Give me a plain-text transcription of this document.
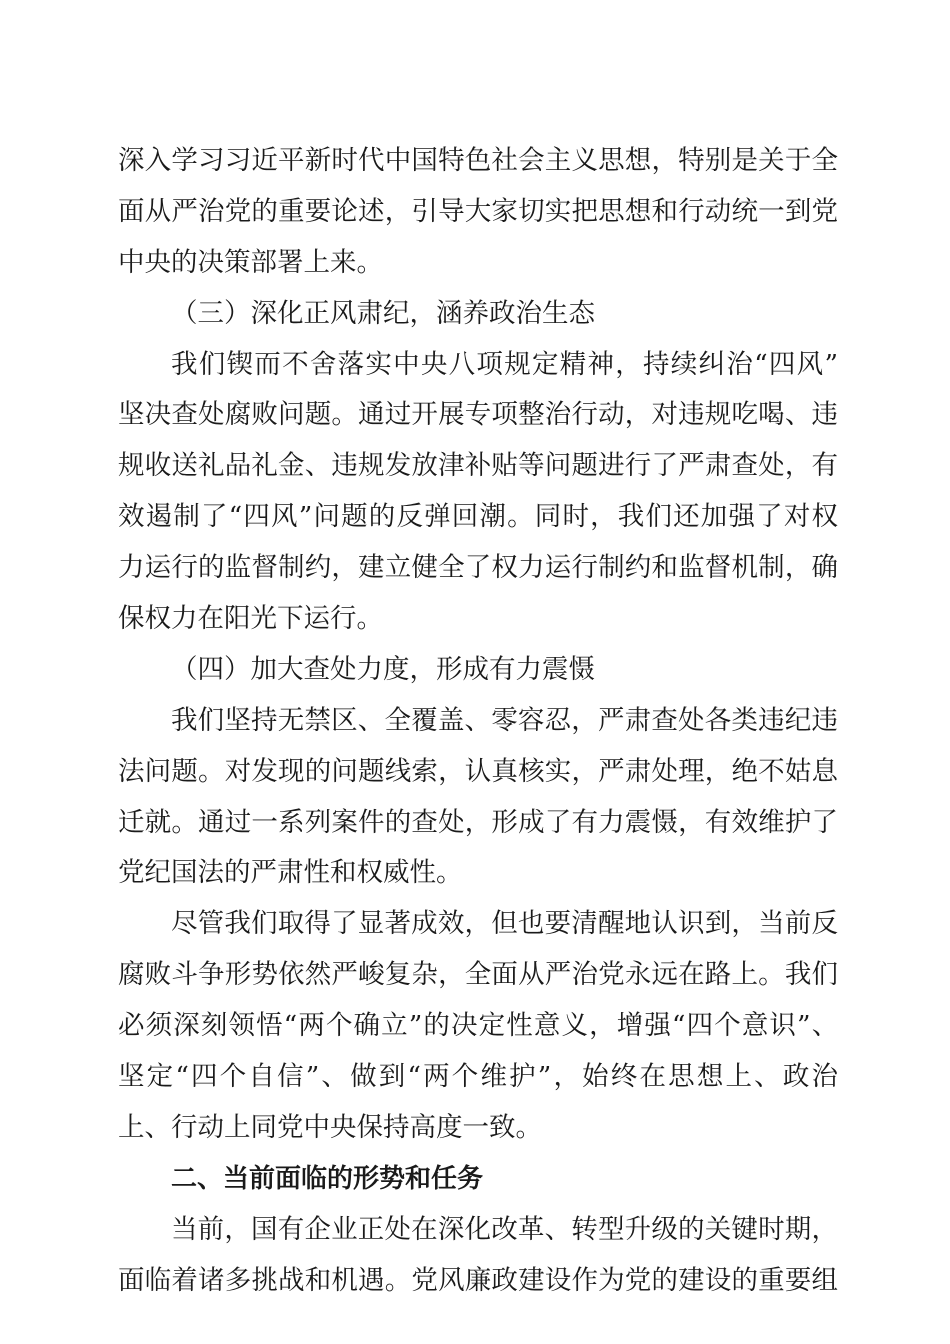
深入学习习近平新时代中国特色社会主义思想，特别是关于全
面从严治党的重要论述，引导大家切实把思想和行动统一到党
中央的决策部署上来。
（三）深化正风肃纪，涵养政治生态
我们锲而不舍落实中央八项规定精神，持续纠治“四风”
坚决查处腐败问题。通过开展专项整治行动，对违规吃喝、违
规收送礼品礼金、违规发放津补贴等问题进行了严肃查处，有
效遏制了“四风”问题的反弹回潮。同时，我们还加强了对权
力运行的监督制约，建立健全了权力运行制约和监督机制，确
保权力在阳光下运行。
（四）加大查处力度，形成有力震慑
我们坚持无禁区、全覆盖、零容忍，严肃查处各类违纪违
法问题。对发现的问题线索，认真核实，严肃处理，绝不姑息
迁就。通过一系列案件的查处，形成了有力震慑，有效维护了
党纪国法的严肃性和权威性。
尽管我们取得了显著成效，但也要清醒地认识到，当前反
腐败斗争形势依然严峻复杂，全面从严治党永远在路上。我们
必须深刻领悟“两个确立”的决定性意义，增强“四个意识”、
坚定“四个自信”、做到“两个维护”，始终在思想上、政治
上、行动上同党中央保持高度一致。
二、当前面临的形势和任务
当前，国有企业正处在深化改革、转型升级的关键时期，
面临着诸多挑战和机遇。党风廉政建设作为党的建设的重要组
